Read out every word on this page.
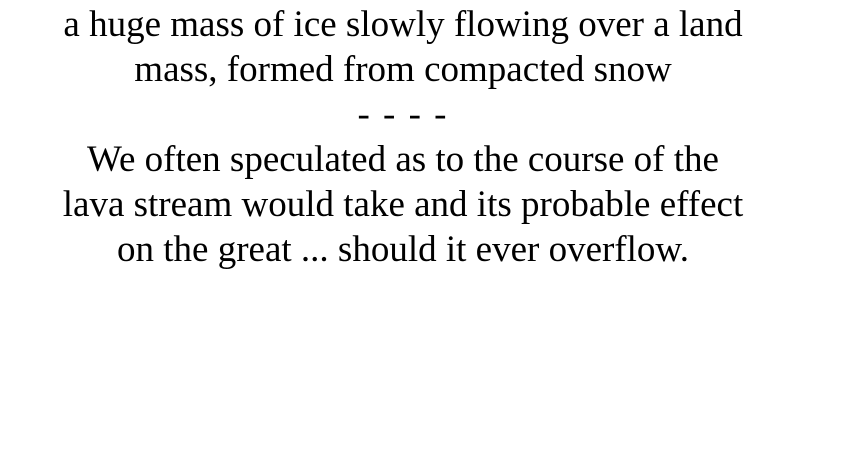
a huge mass of ice slowly flowing over a land
mass, formed from compacted snow
- - - -
We often speculated as to the course of the
lava stream would take and its probable effect
on the great ... should it ever overflow.
